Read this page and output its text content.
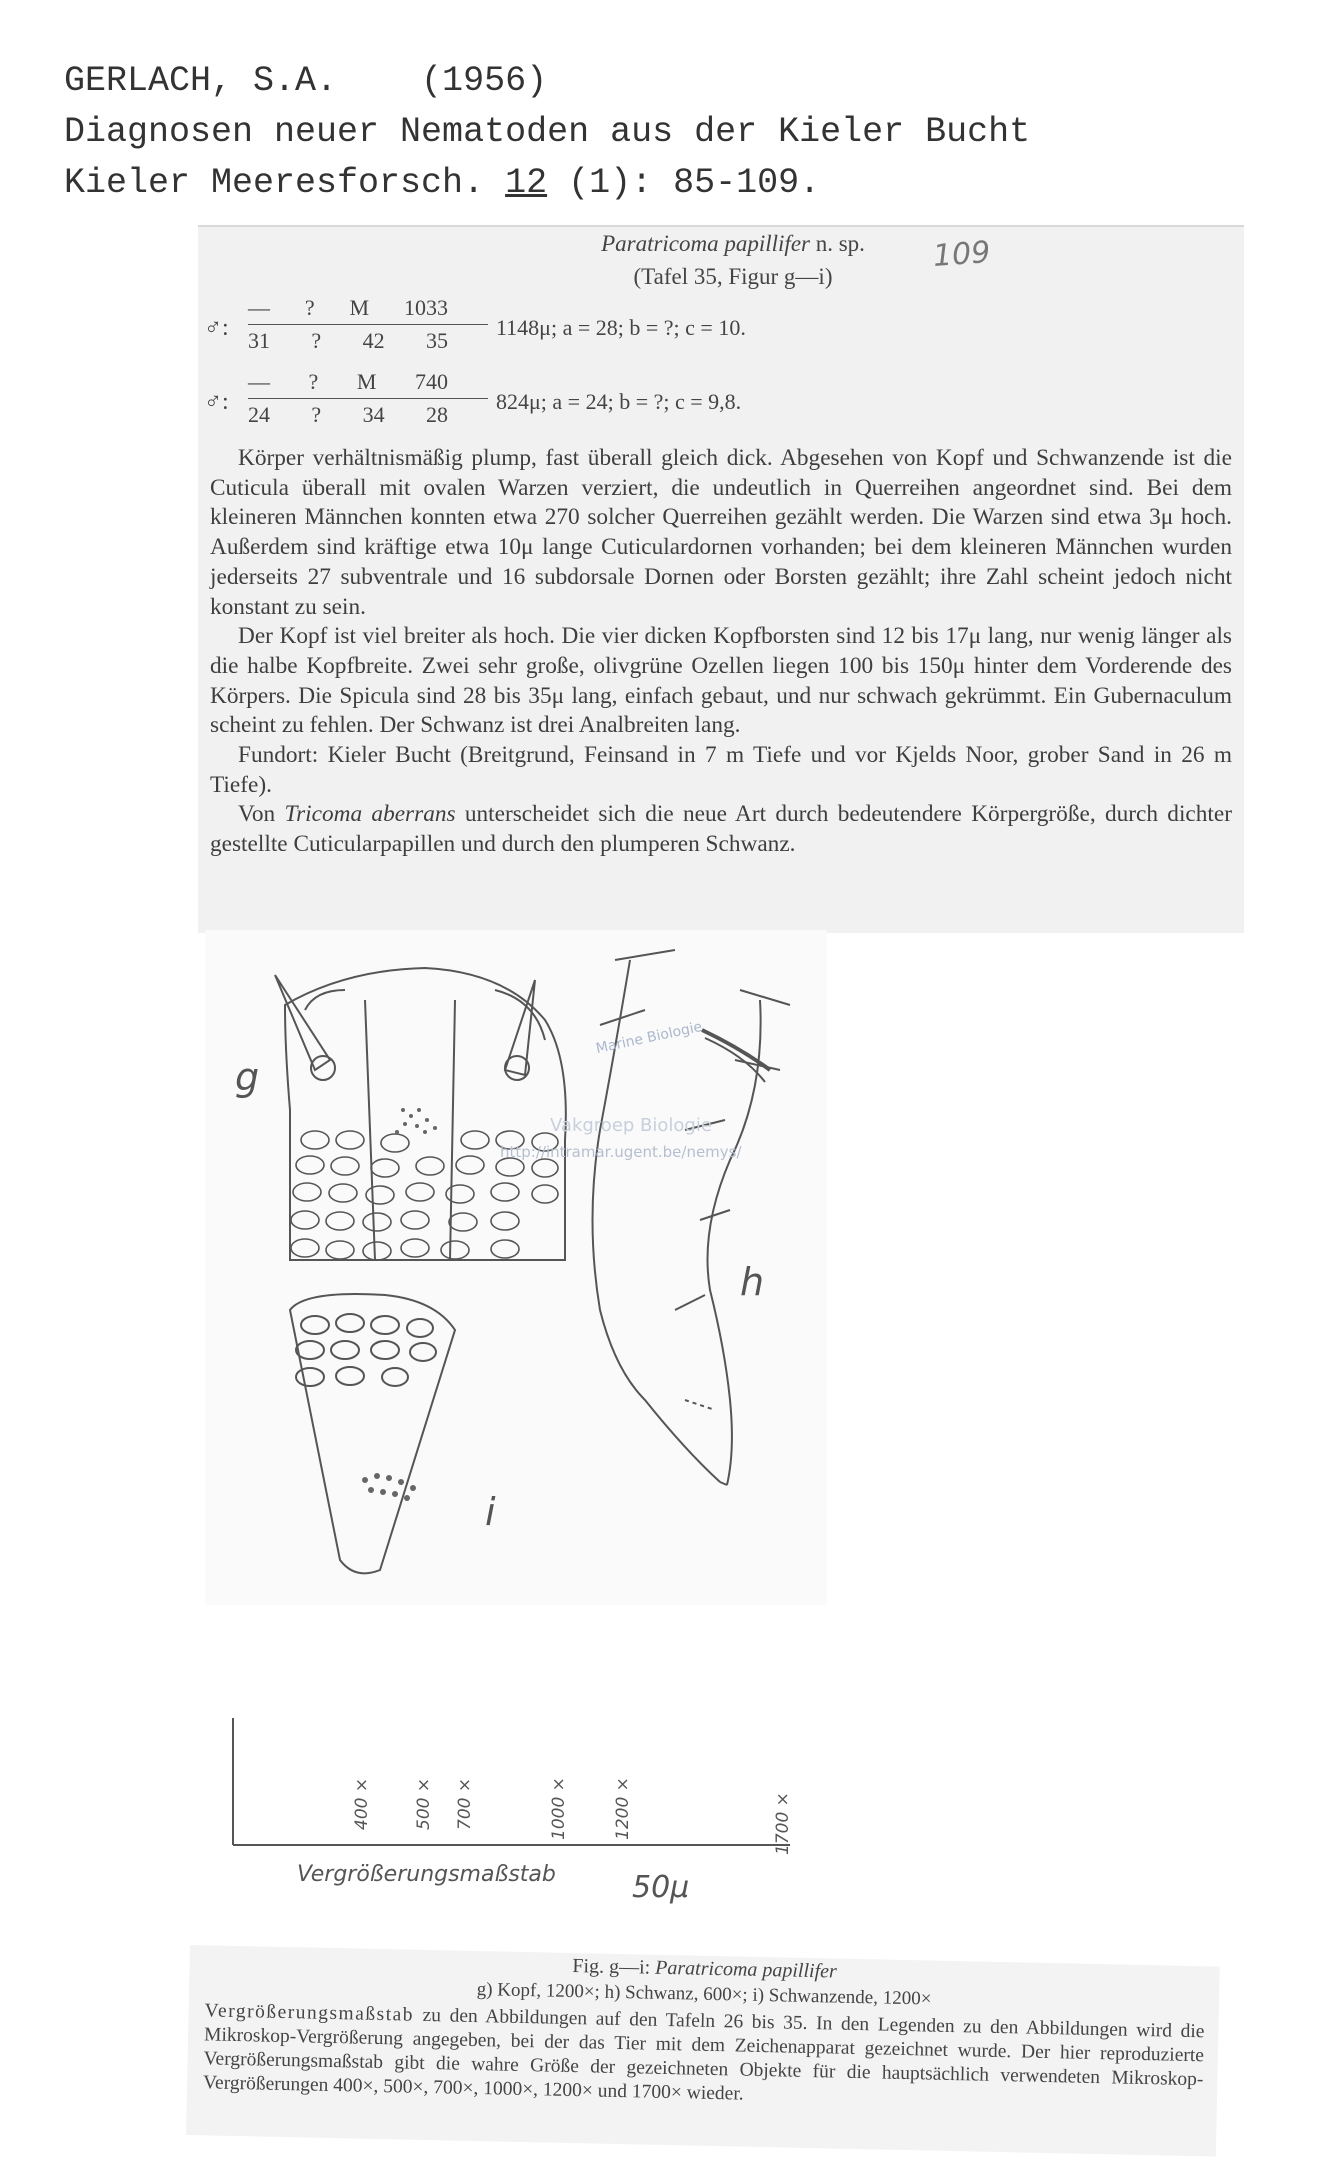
GERLACH, S.A.    (1956)
Diagnosen neuer Nematoden aus der Kieler Bucht
Kieler Meeresforsch. 12 (1): 85-109.
Paratricoma papillifer n. sp.
(Tafel 35, Figur g—i)
109
♂:
— ? M 1033
31 ? 42 35
1148μ; a = 28; b = ?; c = 10.
♂:
— ? M 740
24 ? 34 28
824μ; a = 24; b = ?; c = 9,8.

Körper verhältnismäßig plump, fast überall gleich dick. Abgesehen von Kopf und Schwanzende ist die Cuticula überall mit ovalen Warzen verziert, die undeutlich in Querreihen angeordnet sind. Bei dem kleineren Männchen konnten etwa 270 solcher Querreihen gezählt werden. Die Warzen sind etwa 3μ hoch. Außerdem sind kräftige etwa 10μ lange Cuticulardornen vorhanden; bei dem kleineren Männchen wurden jederseits 27 subventrale und 16 subdorsale Dornen oder Borsten gezählt; ihre Zahl scheint jedoch nicht konstant zu sein.

Der Kopf ist viel breiter als hoch. Die vier dicken Kopfborsten sind 12 bis 17μ lang, nur wenig länger als die halbe Kopfbreite. Zwei sehr große, olivgrüne Ozellen liegen 100 bis 150μ hinter dem Vorderende des Körpers. Die Spicula sind 28 bis 35μ lang, einfach gebaut, und nur schwach gekrümmt. Ein Gubernaculum scheint zu fehlen. Der Schwanz ist drei Analbreiten lang.

Fundort: Kieler Bucht (Breitgrund, Feinsand in 7 m Tiefe und vor Kjelds Noor, grober Sand in 26 m Tiefe).

Von Tricoma aberrans unterscheidet sich die neue Art durch bedeutendere Körpergröße, durch dichter gestellte Cuticularpapillen und durch den plumperen Schwanz.

g
h
i
Marine Biologie
Vakgroep Biologie
http://intramar.ugent.be/nemys/
400 × 500 × 700 ×	1000 ×	1200 ×	1700 ×
Vergrößerungsmaßstab	50μ
Fig. g—i: Paratricoma papillifer
g) Kopf, 1200×; h) Schwanz, 600×; i) Schwanzende, 1200×
Vergrößerungsmaßstab zu den Abbildungen auf den Tafeln 26 bis 35. In den Legenden zu den Abbildungen wird die Mikroskop-Vergrößerung angegeben, bei der das Tier mit dem Zeichenapparat gezeichnet wurde. Der hier reproduzierte Vergrößerungsmaßstab gibt die wahre Größe der gezeichneten Objekte für die hauptsächlich verwendeten Mikroskop-Vergrößerungen 400×, 500×, 700×, 1000×, 1200× und 1700× wieder.
